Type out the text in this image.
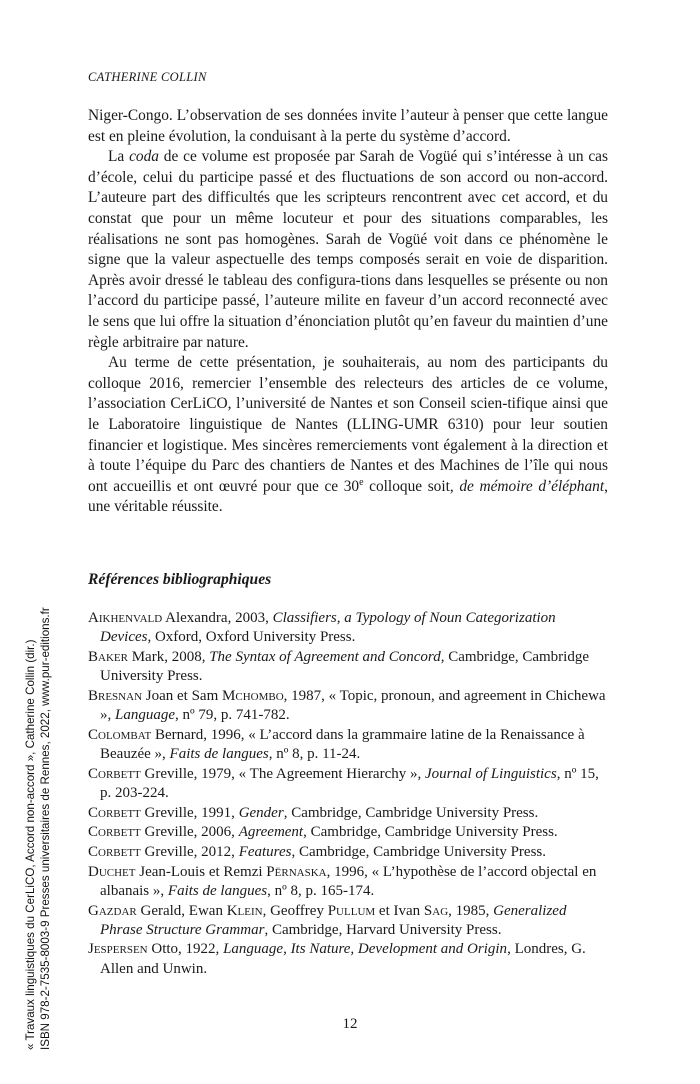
CATHERINE COLLIN

Niger-Congo. L’observation de ses données invite l’auteur à penser que cette langue est en pleine évolution, la conduisant à la perte du système d’accord.

La coda de ce volume est proposée par Sarah de Vogüé qui s’intéresse à un cas d’école, celui du participe passé et des fluctuations de son accord ou non-accord. L’auteure part des difficultés que les scripteurs rencontrent avec cet accord, et du constat que pour un même locuteur et pour des situations comparables, les réalisations ne sont pas homogènes. Sarah de Vogüé voit dans ce phénomène le signe que la valeur aspectuelle des temps composés serait en voie de disparition. Après avoir dressé le tableau des configura-tions dans lesquelles se présente ou non l’accord du participe passé, l’auteure milite en faveur d’un accord reconnecté avec le sens que lui offre la situation d’énonciation plutôt qu’en faveur du maintien d’une règle arbitraire par nature.

Au terme de cette présentation, je souhaiterais, au nom des participants du colloque 2016, remercier l’ensemble des relecteurs des articles de ce volume, l’association CerLiCO, l’université de Nantes et son Conseil scien-tifique ainsi que le Laboratoire linguistique de Nantes (LLING-UMR 6310) pour leur soutien financier et logistique. Mes sincères remerciements vont également à la direction et à toute l’équipe du Parc des chantiers de Nantes et des Machines de l’île qui nous ont accueillis et ont œuvré pour que ce 30e colloque soit, de mémoire d’éléphant, une véritable réussite.

Références bibliographiques
Aikhenvald Alexandra, 2003, Classifiers, a Typology of Noun Categorization Devices, Oxford, Oxford University Press.
Baker Mark, 2008, The Syntax of Agreement and Concord, Cambridge, Cambridge University Press.
Bresnan Joan et Sam Mchombo, 1987, « Topic, pronoun, and agreement in Chichewa », Language, nº 79, p. 741-782.
Colombat Bernard, 1996, « L’accord dans la grammaire latine de la Renaissance à Beauzée », Faits de langues, nº 8, p. 11-24.
Corbett Greville, 1979, « The Agreement Hierarchy », Journal of Linguistics, nº 15, p. 203-224.
Corbett Greville, 1991, Gender, Cambridge, Cambridge University Press.
Corbett Greville, 2006, Agreement, Cambridge, Cambridge University Press.
Corbett Greville, 2012, Features, Cambridge, Cambridge University Press.
Duchet Jean-Louis et Remzi Përnaska, 1996, « L’hypothèse de l’accord objectal en albanais », Faits de langues, nº 8, p. 165-174.
Gazdar Gerald, Ewan Klein, Geoffrey Pullum et Ivan Sag, 1985, Generalized Phrase Structure Grammar, Cambridge, Harvard University Press.
Jespersen Otto, 1922, Language, Its Nature, Development and Origin, Londres, G. Allen and Unwin.
12
« Travaux linguistiques du CerLiCO, Accord non-accord », Catherine Collin (dir.) ISBN 978-2-7535-8003-9 Presses universitaires de Rennes, 2022, www.pur-editions.fr
